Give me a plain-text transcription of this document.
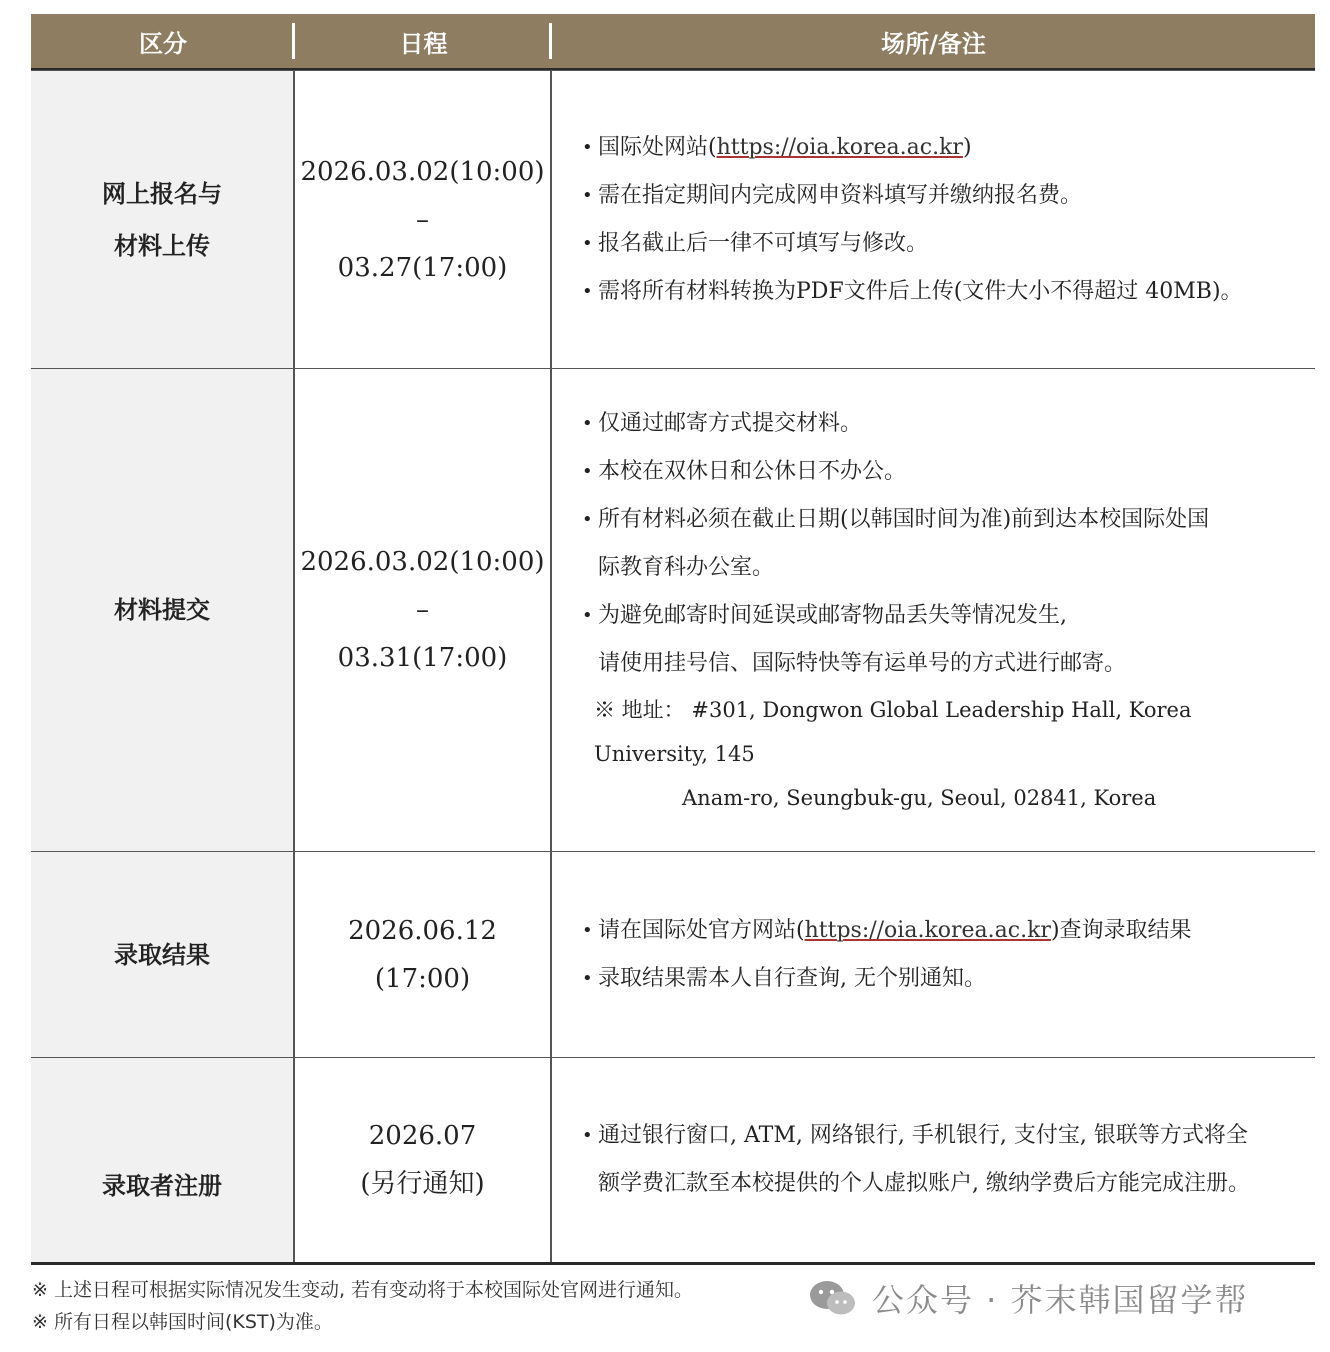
区分	日程	场所/备注
网上报名与
材料上传
2026.03.02(10:00)
–
03.27(17:00)
• 国际处网站(https://oia.korea.ac.kr)
• 需在指定期间内完成网申资料填写并缴纳报名费。
• 报名截止后一律不可填写与修改。
• 需将所有材料转换为PDF文件后上传(文件大小不得超过 40MB)。
材料提交
2026.03.02(10:00)
–
03.31(17:00)
• 仅通过邮寄方式提交材料。
• 本校在双休日和公休日不办公。
• 所有材料必须在截止日期(以韩国时间为准)前到达本校国际处国
际教育科办公室。
• 为避免邮寄时间延误或邮寄物品丢失等情况发生,
请使用挂号信、国际特快等有运单号的方式进行邮寄。
※ 地址： #301, Dongwon Global Leadership Hall, Korea University, 145
Anam-ro, Seungbuk-gu, Seoul, 02841, Korea
录取结果
2026.06.12
(17:00)
• 请在国际处官方网站(https://oia.korea.ac.kr)查询录取结果
• 录取结果需本人自行查询, 无个别通知。
录取者注册
2026.07
(另行通知)
• 通过银行窗口, ATM, 网络银行, 手机银行, 支付宝, 银联等方式将全
额学费汇款至本校提供的个人虚拟账户, 缴纳学费后方能完成注册。
※ 上述日程可根据实际情况发生变动, 若有变动将于本校国际处官网进行通知。
※ 所有日程以韩国时间(KST)为准。
公众号 · 芥末韩国留学帮
